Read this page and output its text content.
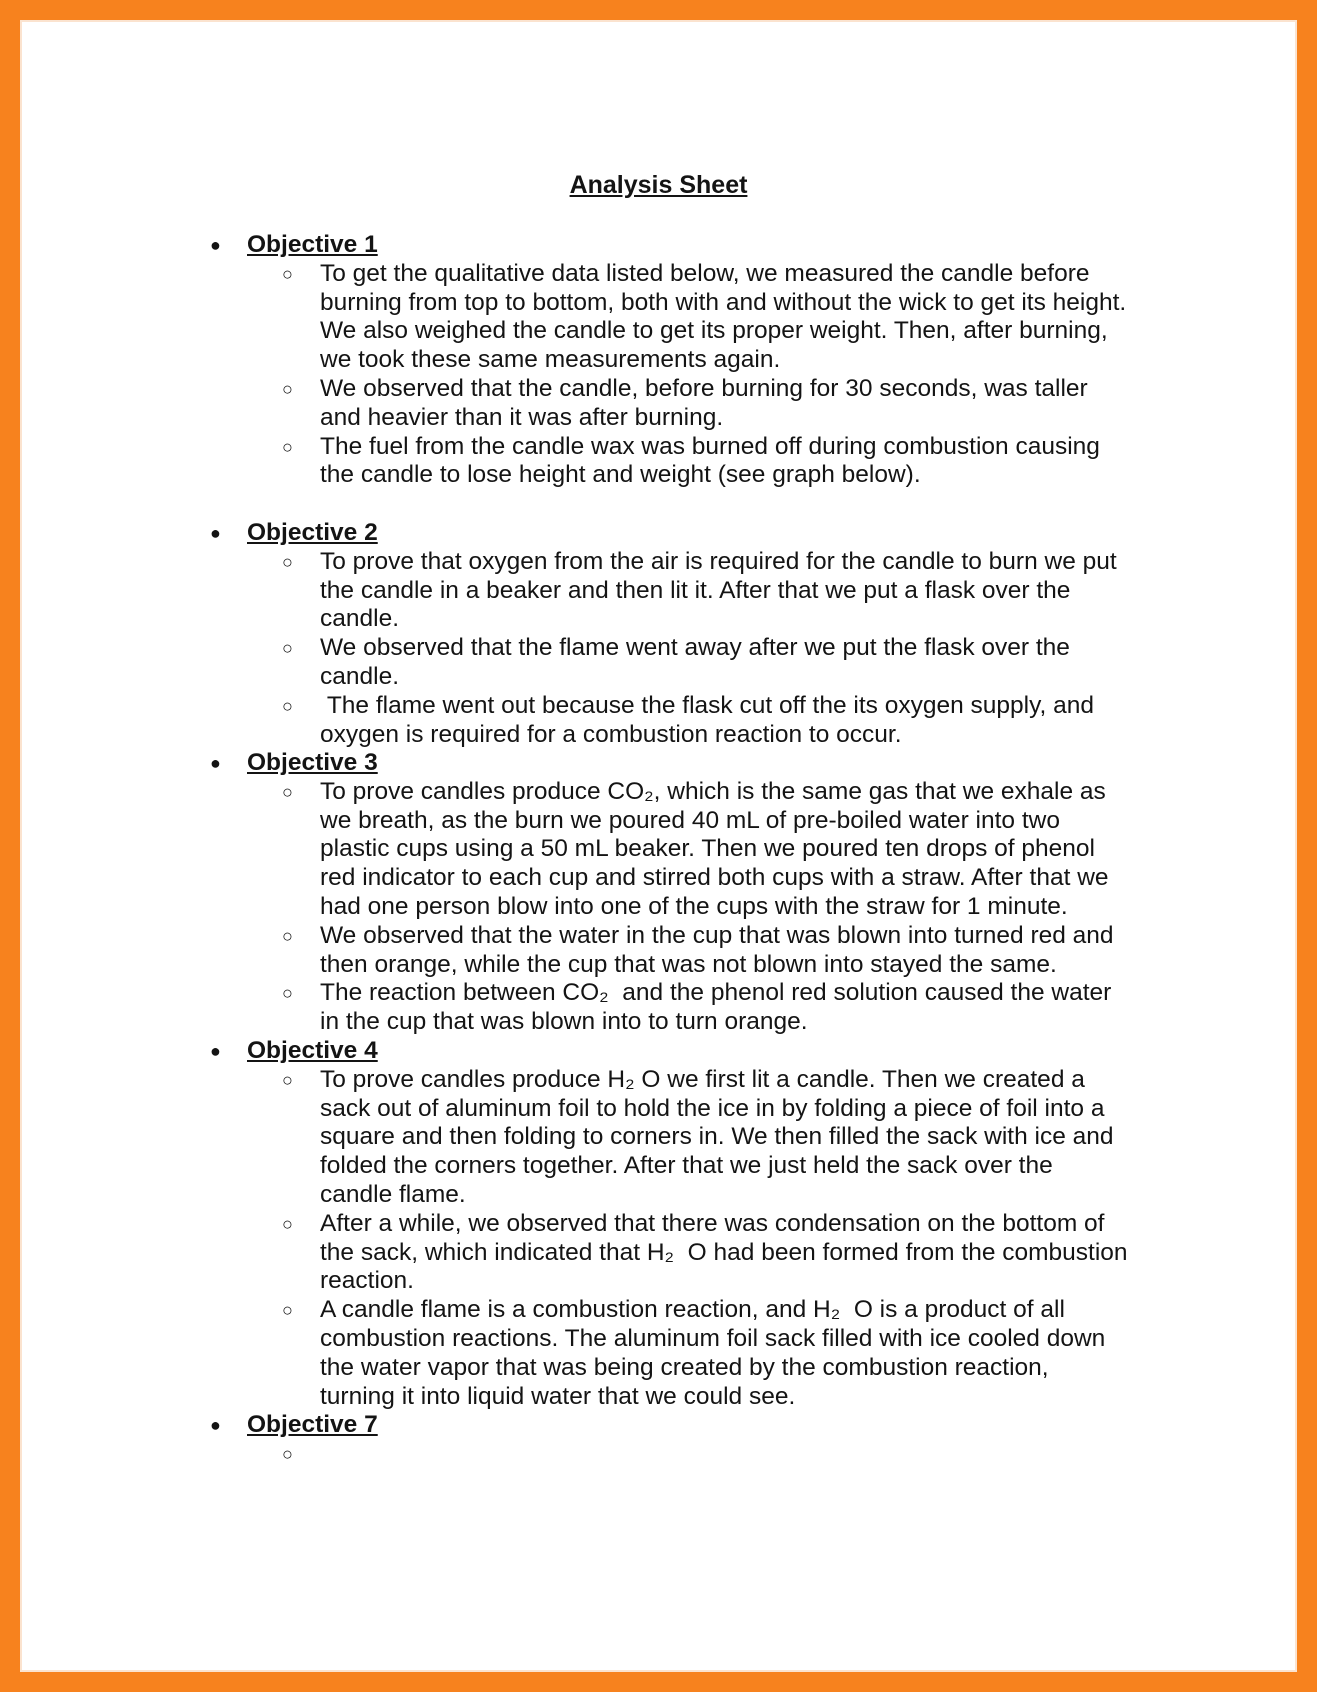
Analysis Sheet
●	Objective 1
○	To get the qualitative data listed below, we measured the candle before
burning from top to bottom, both with and without the wick to get its height.
We also weighed the candle to get its proper weight. Then, after burning,
we took these same measurements again.
○	We observed that the candle, before burning for 30 seconds, was taller
and heavier than it was after burning.
○	The fuel from the candle wax was burned off during combustion causing
the candle to lose height and weight (see graph below).
●	Objective 2
○	To prove that oxygen from the air is required for the candle to burn we put
the candle in a beaker and then lit it. After that we put a flask over the
candle.
○	We observed that the flame went away after we put the flask over the
candle.
○	The flame went out because the flask cut off the its oxygen supply, and
oxygen is required for a combustion reaction to occur.
●	Objective 3
○	To prove candles produce CO₂, which is the same gas that we exhale as
we breath, as the burn we poured 40 mL of pre-boiled water into two
plastic cups using a 50 mL beaker. Then we poured ten drops of phenol
red indicator to each cup and stirred both cups with a straw. After that we
had one person blow into one of the cups with the straw for 1 minute.
○	We observed that the water in the cup that was blown into turned red and
then orange, while the cup that was not blown into stayed the same.
○	The reaction between CO₂  and the phenol red solution caused the water
in the cup that was blown into to turn orange.
●	Objective 4
○	To prove candles produce H₂ O we first lit a candle. Then we created a
sack out of aluminum foil to hold the ice in by folding a piece of foil into a
square and then folding to corners in. We then filled the sack with ice and
folded the corners together. After that we just held the sack over the
candle flame.
○	After a while, we observed that there was condensation on the bottom of
the sack, which indicated that H₂  O had been formed from the combustion
reaction.
○	A candle flame is a combustion reaction, and H₂  O is a product of all
combustion reactions. The aluminum foil sack filled with ice cooled down
the water vapor that was being created by the combustion reaction,
turning it into liquid water that we could see.
●	Objective 7
○
